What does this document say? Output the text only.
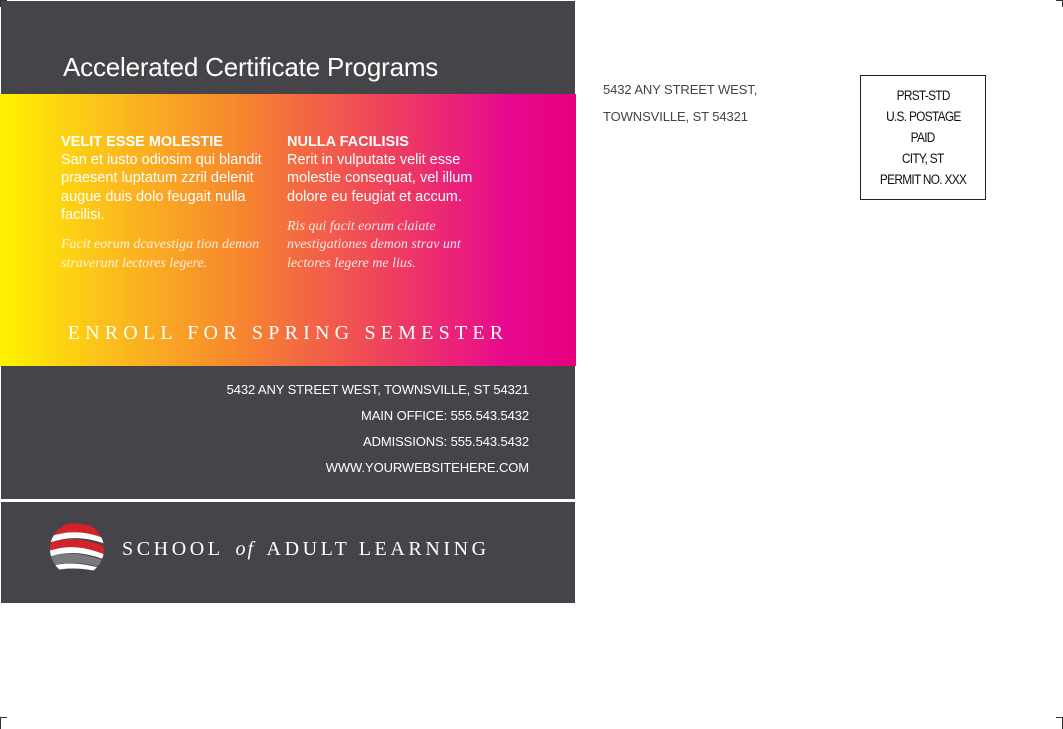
Accelerated Certificate Programs
VELIT ESSE MOLESTIE
San et iusto odiosim qui blandit praesent luptatum zzril delenit augue duis dolo feugait nulla facilisi.
Facit eorum dcavestiga tion demon straverunt lectores legere.
NULLA FACILISIS
Rerit in vulputate velit esse molestie consequat, vel illum dolore eu feugiat et accum.
Ris qui facit eorum claiate nvestigationes demon strav unt lectores legere me lius.
ENROLL FOR SPRING SEMESTER
5432 ANY STREET WEST, TOWNSVILLE, ST 54321
MAIN OFFICE: 555.543.5432
ADMISSIONS: 555.543.5432
WWW.YOURWEBSITEHERE.COM
SCHOOL of ADULT LEARNING
5432 ANY STREET WEST,
TOWNSVILLE, ST 54321
PRST-STD
U.S. POSTAGE
PAID
CITY, ST
PERMIT NO. XXX
